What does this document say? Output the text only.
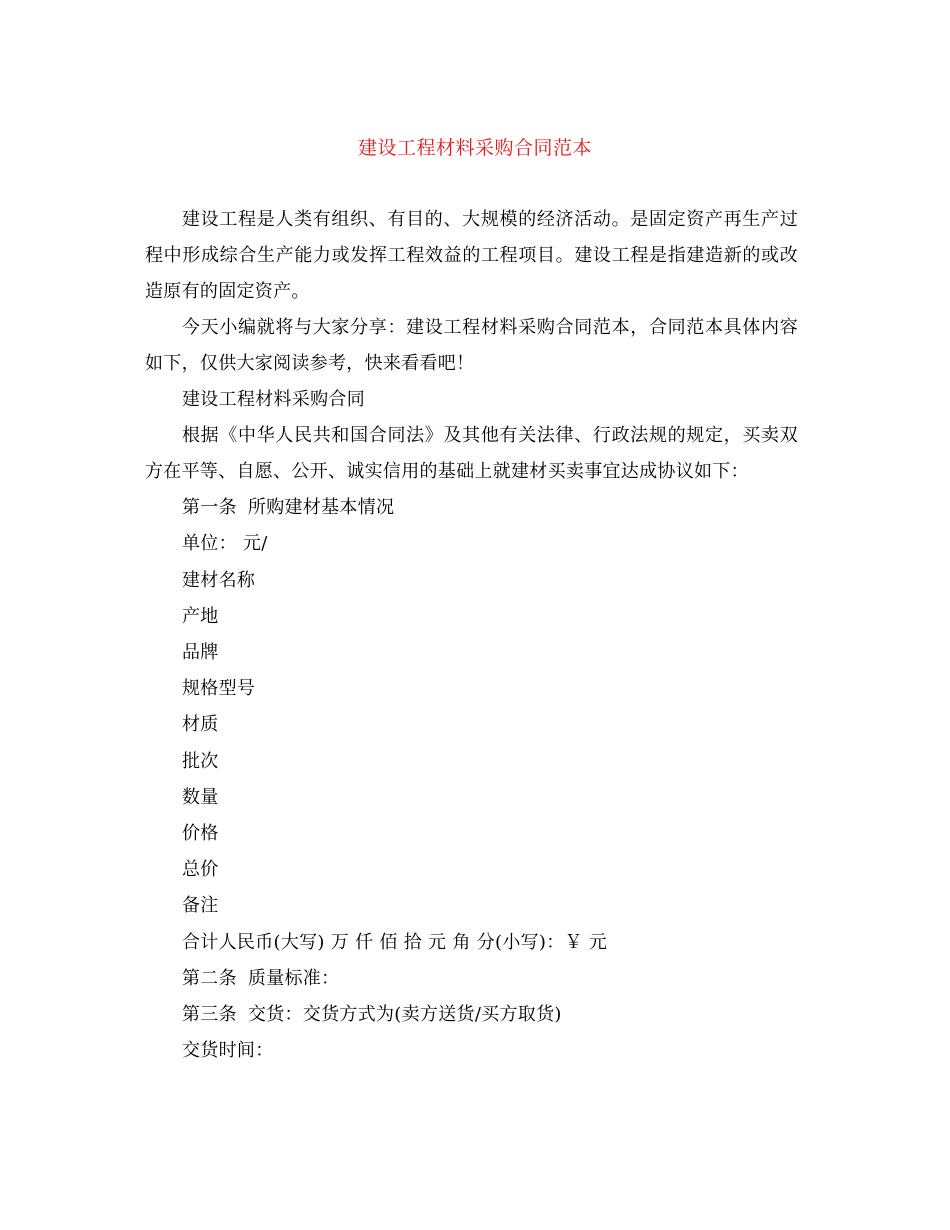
建设工程材料采购合同范本

建设工程是人类有组织、有目的、大规模的经济活动。是固定资产再生产过程中形成综合生产能力或发挥工程效益的工程项目。建设工程是指建造新的或改造原有的固定资产。

今天小编就将与大家分享：建设工程材料采购合同范本，合同范本具体内容如下，仅供大家阅读参考，快来看看吧！

建设工程材料采购合同

根据《中华人民共和国合同法》及其他有关法律、行政法规的规定，买卖双方在平等、自愿、公开、诚实信用的基础上就建材买卖事宜达成协议如下：

第一条 所购建材基本情况

单位： 元/

建材名称

产地

品牌

规格型号

材质

批次

数量

价格

总价

备注

合计人民币(大写) 万 仟 佰 拾 元 角 分(小写)：￥ 元

第二条 质量标准：

第三条 交货：交货方式为(卖方送货/买方取货)

交货时间：
